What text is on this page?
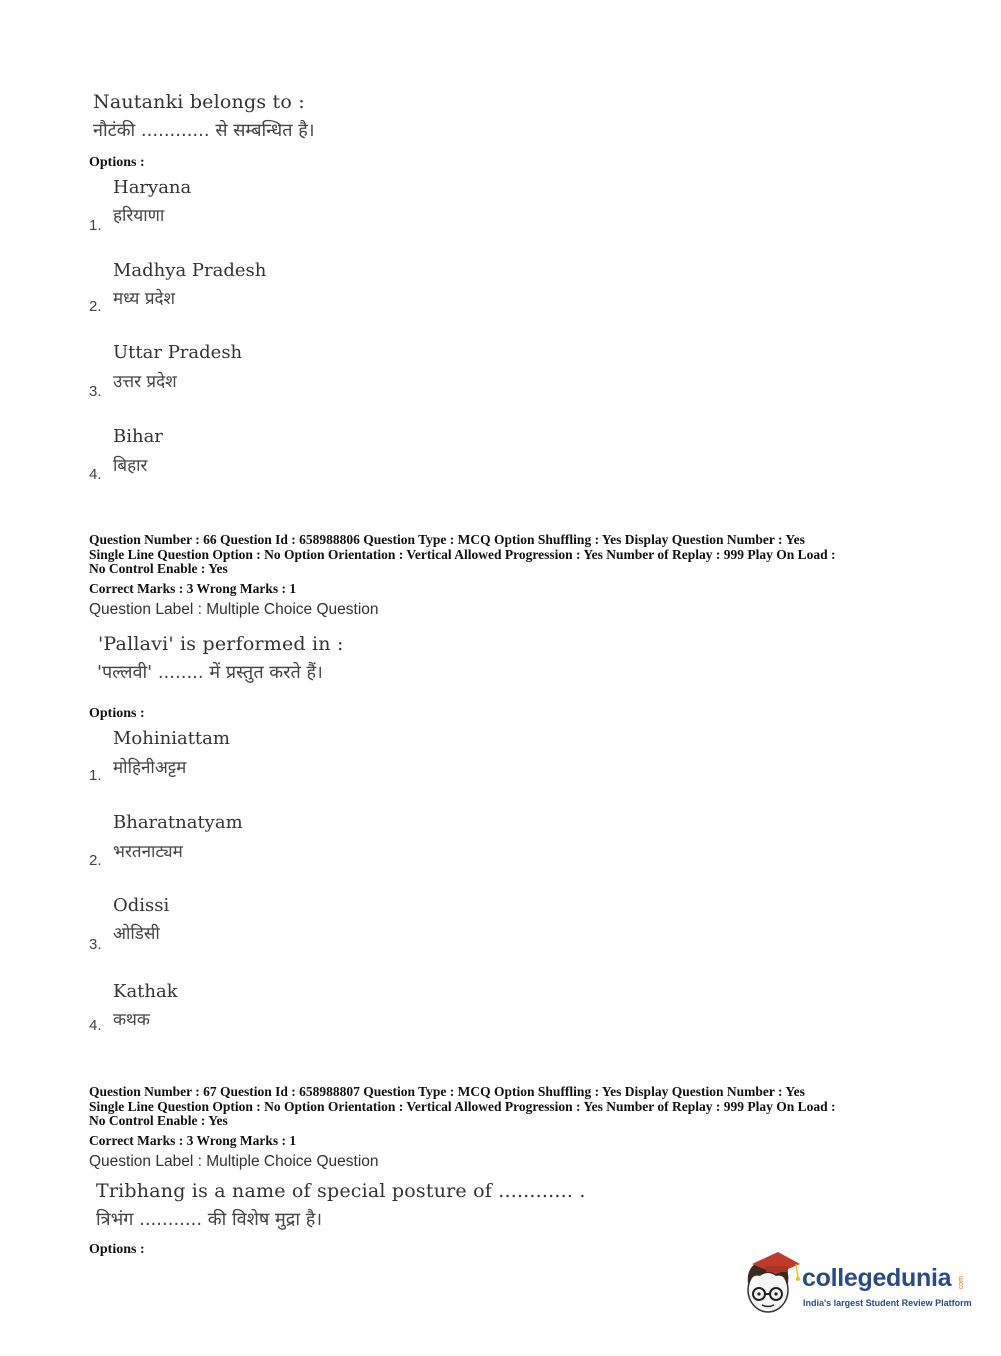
Nautanki belongs to :
नौटंकी ............ से सम्बन्धित है।
Options :
Haryana
हरियाणा
1.
Madhya Pradesh
मध्य प्रदेश
2.
Uttar Pradesh
उत्तर प्रदेश
3.
Bihar
बिहार
4.
Question Number : 66 Question Id : 658988806 Question Type : MCQ Option Shuffling : Yes Display Question Number : Yes
Single Line Question Option : No Option Orientation : Vertical Allowed Progression : Yes Number of Replay : 999 Play On Load :
No Control Enable : Yes
Correct Marks : 3 Wrong Marks : 1
Question Label : Multiple Choice Question
'Pallavi' is performed in :
'पल्लवी' ........ में प्रस्तुत करते हैं।
Options :
Mohiniattam
मोहिनीअट्टम
1.
Bharatnatyam
भरतनाट्यम
2.
Odissi
ओडिसी
3.
Kathak
कथक
4.
Question Number : 67 Question Id : 658988807 Question Type : MCQ Option Shuffling : Yes Display Question Number : Yes
Single Line Question Option : No Option Orientation : Vertical Allowed Progression : Yes Number of Replay : 999 Play On Load :
No Control Enable : Yes
Correct Marks : 3 Wrong Marks : 1
Question Label : Multiple Choice Question
Tribhang is a name of special posture of ............ .
त्रिभंग ........... की विशेष मुद्रा है।
Options :
collegedunia .com
India's largest Student Review Platform
